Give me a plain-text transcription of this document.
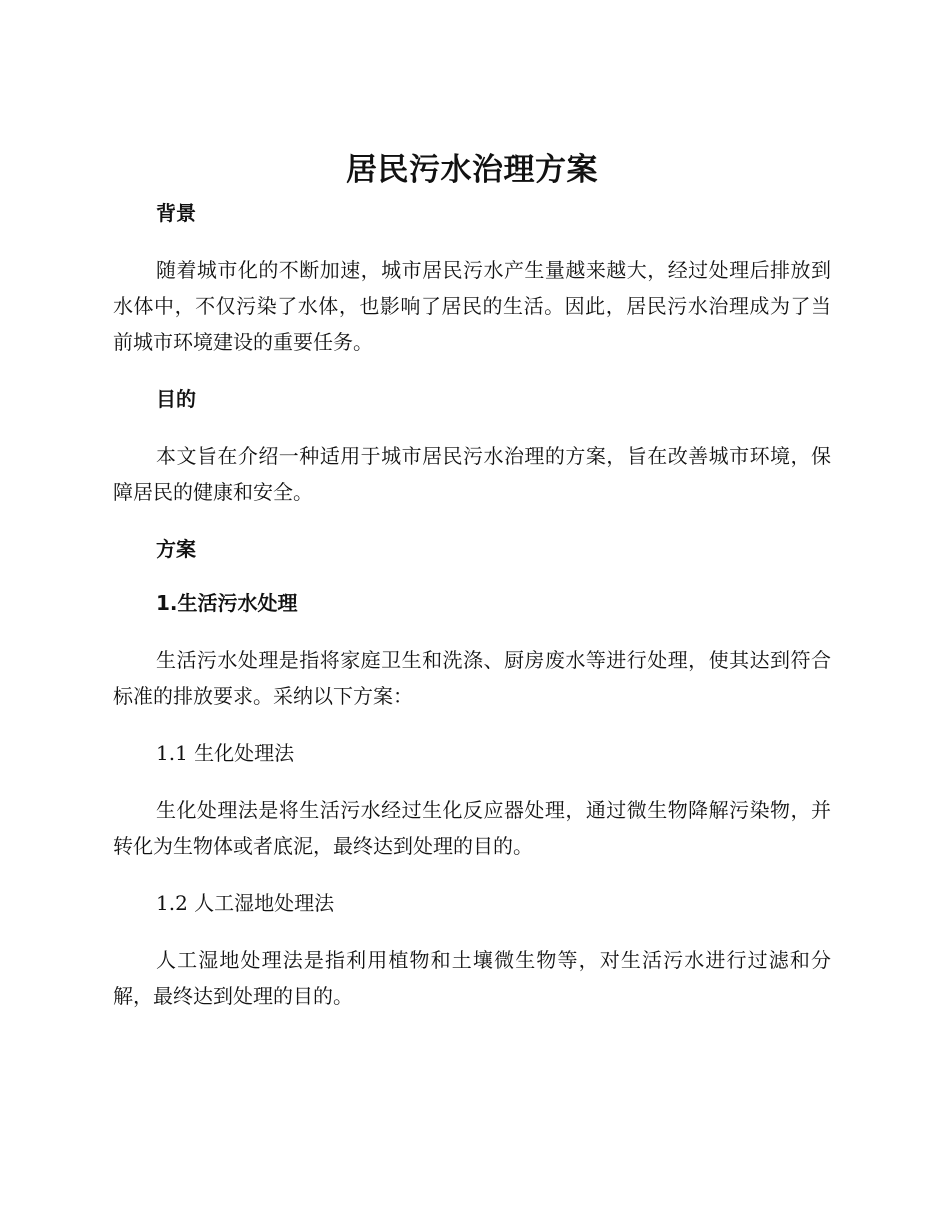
居民污水治理方案
背景

随着城市化的不断加速，城市居民污水产生量越来越大，经过处理后排放到水体中，不仅污染了水体，也影响了居民的生活。因此，居民污水治理成为了当前城市环境建设的重要任务。

目的

本文旨在介绍一种适用于城市居民污水治理的方案，旨在改善城市环境，保障居民的健康和安全。

方案
1.生活污水处理

生活污水处理是指将家庭卫生和洗涤、厨房废水等进行处理，使其达到符合标准的排放要求。采纳以下方案：

1.1 生化处理法

生化处理法是将生活污水经过生化反应器处理，通过微生物降解污染物，并转化为生物体或者底泥，最终达到处理的目的。

1.2 人工湿地处理法

人工湿地处理法是指利用植物和土壤微生物等，对生活污水进行过滤和分解，最终达到处理的目的。
